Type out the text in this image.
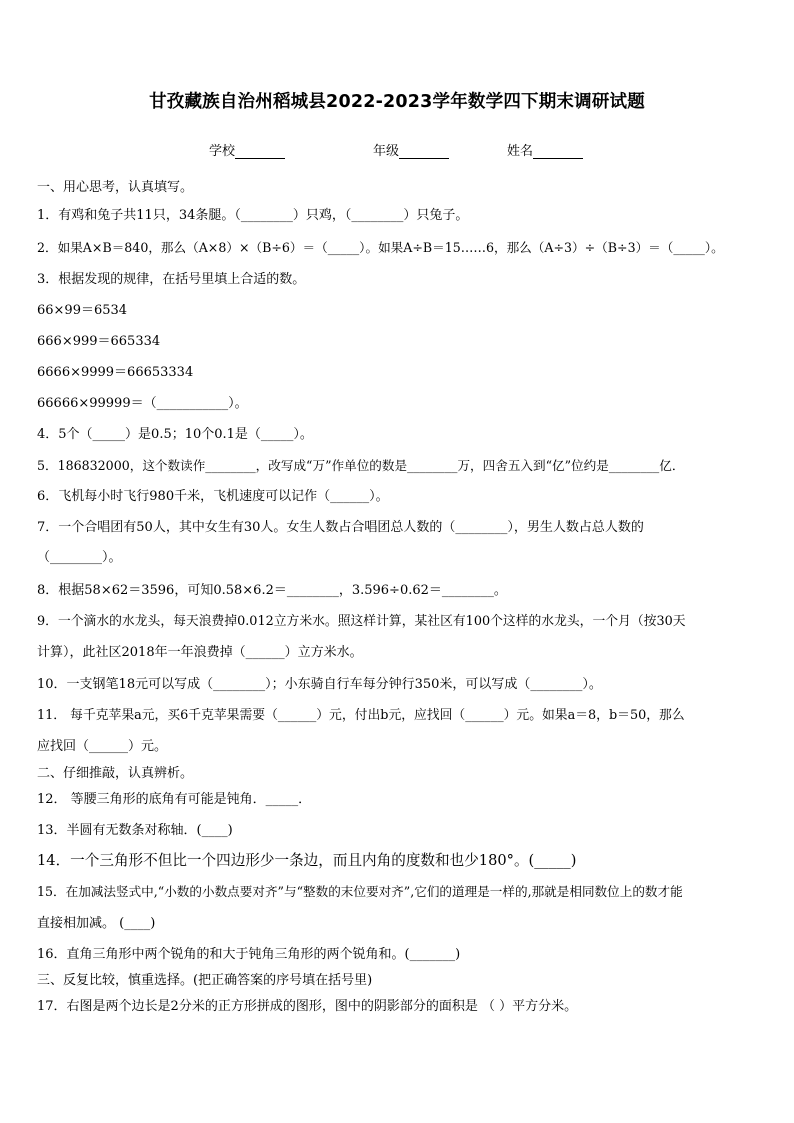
甘孜藏族自治州稻城县2022-2023学年数学四下期末调研试题
学校	年级	姓名
一、用心思考，认真填写。
1．有鸡和兔子共11只，34条腿。（________）只鸡，（________）只兔子。
2．如果A×B＝840，那么（A×8）×（B÷6）＝（_____）。如果A÷B＝15……6，那么（A÷3）÷（B÷3）＝（_____）。
3．根据发现的规律，在括号里填上合适的数。
66×99＝6534
666×999＝665334
6666×9999＝66653334
66666×99999＝（___________）。
4．5个（_____）是0.5；10个0.1是（_____）。
5．186832000，这个数读作________，改写成“万”作单位的数是________万，四舍五入到“亿”位约是________亿．
6．飞机每小时飞行980千米，飞机速度可以记作（______）。
7．一个合唱团有50人，其中女生有30人。女生人数占合唱团总人数的（________），男生人数占总人数的
（________）。
8．根据58×62＝3596，可知0.58×6.2＝________，3.596÷0.62＝________。
9．一个滴水的水龙头，每天浪费掉0.012立方米水。照这样计算，某社区有100个这样的水龙头，一个月（按30天
计算），此社区2018年一年浪费掉（______）立方米水。
10．一支钢笔18元可以写成（________）；小东骑自行车每分钟行350米，可以写成（________）。
11． 每千克苹果a元，买6千克苹果需要（______）元，付出b元，应找回（______）元。如果a＝8，b＝50，那么
应找回（______）元。
二、仔细推敲，认真辨析。
12． 等腰三角形的底角有可能是钝角．_____．
13．半圆有无数条对称轴．(____)
14．一个三角形不但比一个四边形少一条边，而且内角的度数和也少180°。(_____)
15．在加减法竖式中,“小数的小数点要对齐”与“整数的末位要对齐”,它们的道理是一样的,那就是相同数位上的数才能
直接相加减。 (____)
16．直角三角形中两个锐角的和大于钝角三角形的两个锐角和。(_______)
三、反复比较，慎重选择。(把正确答案的序号填在括号里)
17．右图是两个边长是2分米的正方形拼成的图形，图中的阴影部分的面积是 （ ）平方分米。
